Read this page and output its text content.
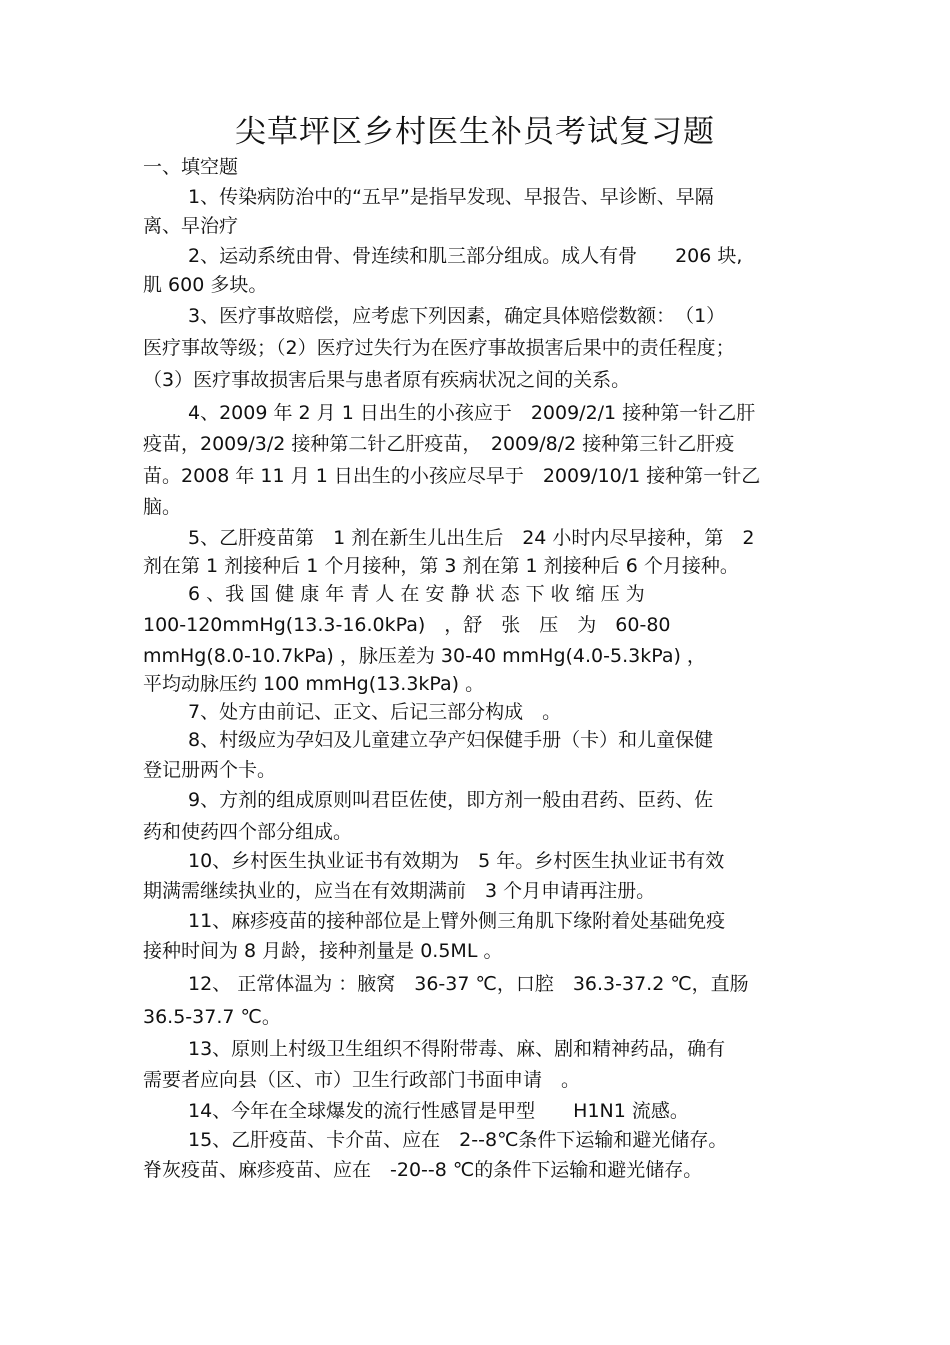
尖草坪区乡村医生补员考试复习题
一、填空题
1、传染病防治中的“五早”是指早发现、早报告、早诊断、早隔
离、早治疗
2、运动系统由骨、骨连续和肌三部分组成。成人有骨　　206 块,
肌 600 多块。
3、医疗事故赔偿，应考虑下列因素，确定具体赔偿数额：　（1）
医疗事故等级；（2）医疗过失行为在医疗事故损害后果中的责任程度；
（3）医疗事故损害后果与患者原有疾病状况之间的关系。
4、2009 年 2 月 1 日出生的小孩应于　2009/2/1 接种第一针乙肝
疫苗，2009/3/2 接种第二针乙肝疫苗，　2009/8/2 接种第三针乙肝疫
苗。2008 年 11 月 1 日出生的小孩应尽早于　2009/10/1 接种第一针乙
脑。
5、乙肝疫苗第　1 剂在新生儿出生后　24 小时内尽早接种，第　2
剂在第 1 剂接种后 1 个月接种，第 3 剂在第 1 剂接种后 6 个月接种。
6 、我 国 健 康 年 青 人 在 安 静 状 态 下 收 缩 压 为
100-120mmHg(13.3-16.0kPa)　，舒　张　压　为　60-80
mmHg(8.0-10.7kPa) ，脉压差为 30-40 mmHg(4.0-5.3kPa) ，
平均动脉压约 100 mmHg(13.3kPa) 。
7、处方由前记、正文、后记三部分构成　。
8、村级应为孕妇及儿童建立孕产妇保健手册（卡）和儿童保健
登记册两个卡。
9、方剂的组成原则叫君臣佐使，即方剂一般由君药、臣药、佐
药和使药四个部分组成。
10、乡村医生执业证书有效期为　5 年。乡村医生执业证书有效
期满需继续执业的，应当在有效期满前　3 个月申请再注册。
11、麻疹疫苗的接种部位是上臂外侧三角肌下缘附着处基础免疫
接种时间为 8 月龄，接种剂量是 0.5ML 。
12、 正常体温为 ：腋窝　36-37 ℃，口腔　36.3-37.2 ℃，直肠
36.5-37.7 ℃。
13、原则上村级卫生组织不得附带毒、麻、剧和精神药品，确有
需要者应向县（区、市）卫生行政部门书面申请　。
14、今年在全球爆发的流行性感冒是甲型　　H1N1 流感。
15、乙肝疫苗、卡介苗、应在　2--8℃条件下运输和避光储存。
脊灰疫苗、麻疹疫苗、应在　-20--8 ℃的条件下运输和避光储存。
